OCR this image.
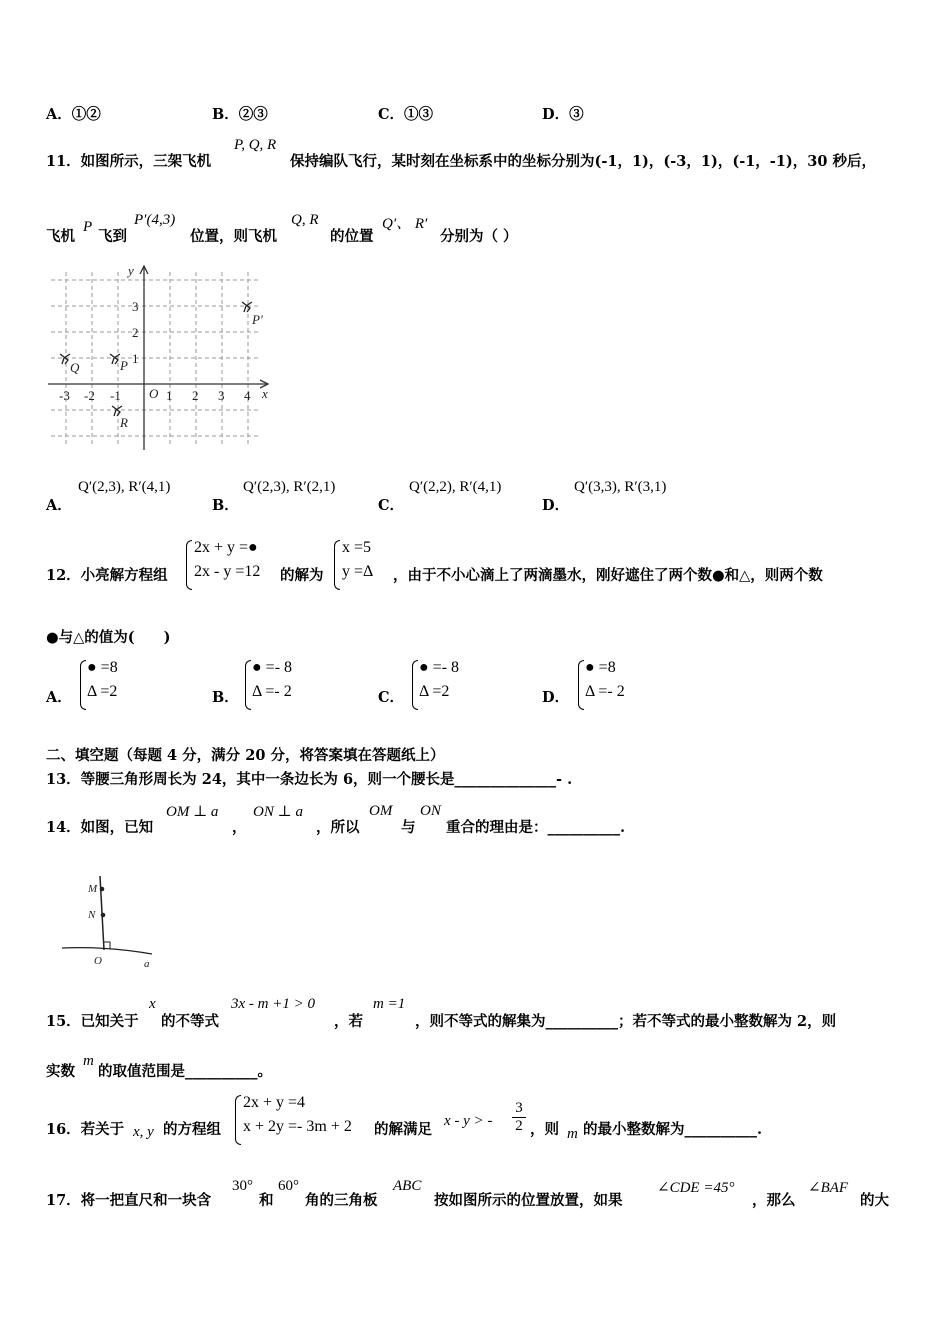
A．①②	B．②③	C．①③	D．③
11．如图所示，三架飞机
P, Q, R
保持编队飞行，某时刻在坐标系中的坐标分别为(-1，1)，(-3，1)，(-1，-1)，30 秒后，
飞机
P
飞到
P′(4,3)
位置，则飞机
Q, R
的位置
Q′、 R′
分别为（ ）
-3 -2 -1 O 1 2 3 4 x
y
3
2
1
Q	P
R
P′
A．
Q′(2,3), R′(4,1)
B．
Q′(2,3), R′(2,1)
C．
Q′(2,2), R′(4,1)
D．
Q′(3,3), R′(3,1)
12．小亮解方程组
2x + y =●
2x - y =12 的解为
x =5
y =Δ ，由于不小心滴上了两滴墨水，刚好遮住了两个数●和△，则两个数
●与△的值为(　　)
A．
● =8
Δ =2	B．
● =- 8
Δ =- 2	C．
● =- 8
Δ =2	D．
● =8
Δ =- 2
二、填空题（每题 4 分，满分 20 分，将答案填在答题纸上）
13．等腰三角形周长为 24，其中一条边长为 6，则一个腰长是______________- .
14．如图，已知
OM ⊥ a
，
ON ⊥ a
，所以
OM
与
ON
重合的理由是：__________.
M
N
O	a
15．已知关于
x
的不等式
3x - m +1 > 0
，若
m =1
，则不等式的解集为__________；若不等式的最小整数解为 2，则
实数
m
的取值范围是__________。
16．若关于 x, y 的方程组
2x + y =4
x + 2y =- 3m + 2 的解满足 x - y > - $\frac{3}{2}$ ，则 m 的最小整数解为__________.
17．将一把直尺和一块含
30°
和
60°
角的三角板
ABC
按如图所示的位置放置，如果
∠CDE =45°
，那么
∠BAF
的大
